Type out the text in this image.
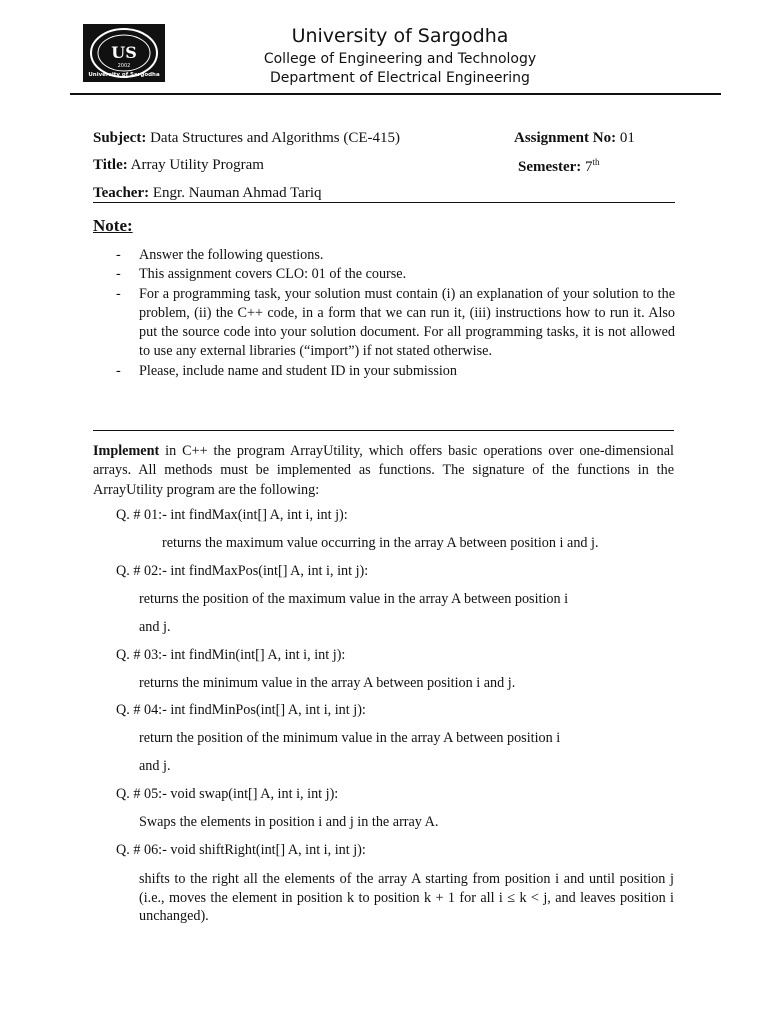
US
2002
University of Sargodha
University of Sargodha
College of Engineering and Technology
Department of Electrical Engineering
Subject: Data Structures and Algorithms (CE-415)	Assignment No: 01
Title: Array Utility Program	Semester: 7th
Teacher: Engr. Nauman Ahmad Tariq
Note:
-	Answer the following questions.
-	This assignment covers CLO: 01 of the course.
-	For a programming task, your solution must contain (i) an explanation of your solution to the problem, (ii) the C++ code, in a form that we can run it, (iii) instructions how to run it. Also put the source code into your solution document. For all programming tasks, it is not allowed to use any external libraries (“import”) if not stated otherwise.
-	Please, include name and student ID in your submission
Implement in C++ the program ArrayUtility, which offers basic operations over one-dimensional arrays. All methods must be implemented as functions. The signature of the functions in the ArrayUtility program are the following:
Q. # 01:- int findMax(int[] A, int i, int j):
returns the maximum value occurring in the array A between position i and j.
Q. # 02:- int findMaxPos(int[] A, int i, int j):
returns the position of the maximum value in the array A between position i
and j.
Q. # 03:- int findMin(int[] A, int i, int j):
returns the minimum value in the array A between position i and j.
Q. # 04:- int findMinPos(int[] A, int i, int j):
return the position of the minimum value in the array A between position i
and j.
Q. # 05:- void swap(int[] A, int i, int j):
Swaps the elements in position i and j in the array A.
Q. # 06:- void shiftRight(int[] A, int i, int j):
shifts to the right all the elements of the array A starting from position i and until position j (i.e., moves the element in position k to position k + 1 for all i ≤ k < j, and leaves position i unchanged).
